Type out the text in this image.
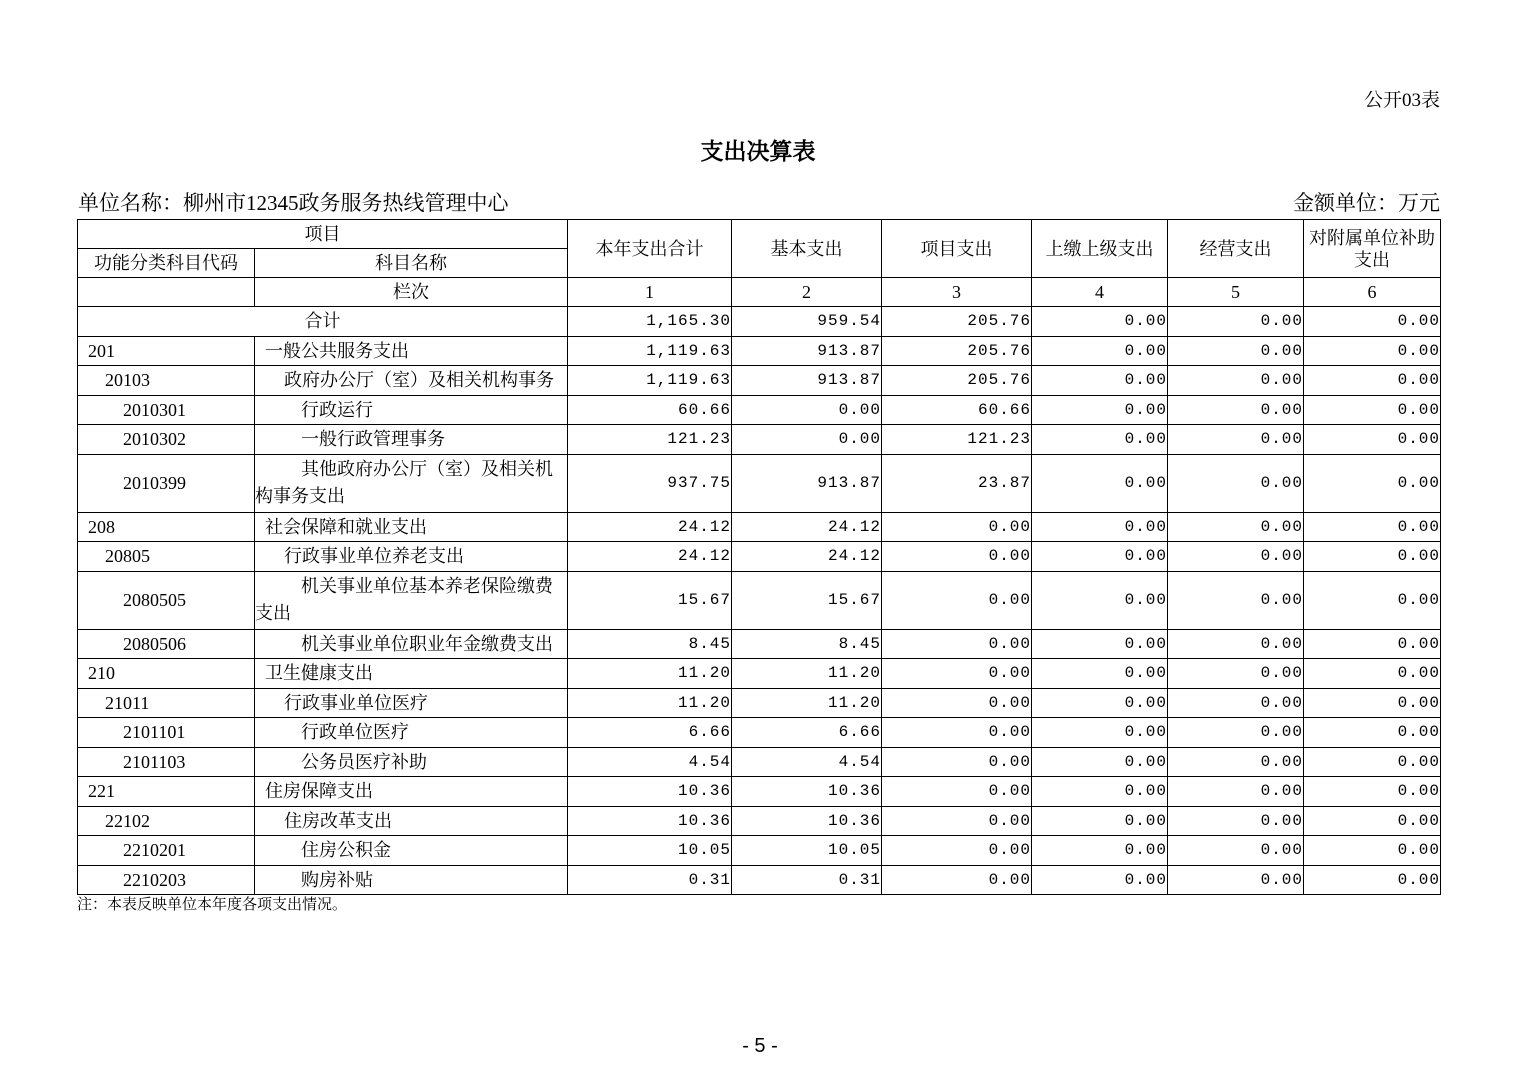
公开03表
支出决算表
单位名称：柳州市12345政务服务热线管理中心	金额单位：万元
项目		本年支出合计	基本支出	项目支出	上缴上级支出	经营支出	对附属单位补助支出
功能分类科目代码	科目名称						
	栏次	1	2	3	4	5	6
合计		1,165.30	959.54	205.76	0.00	0.00	0.00
201	一般公共服务支出	1,119.63	913.87	205.76	0.00	0.00	0.00
20103	政府办公厅（室）及相关机构事务	1,119.63	913.87	205.76	0.00	0.00	0.00
2010301	行政运行	60.66	0.00	60.66	0.00	0.00	0.00
2010302	一般行政管理事务	121.23	0.00	121.23	0.00	0.00	0.00
2010399	其他政府办公厅（室）及相关机构事务支出	937.75	913.87	23.87	0.00	0.00	0.00
208	社会保障和就业支出	24.12	24.12	0.00	0.00	0.00	0.00
20805	行政事业单位养老支出	24.12	24.12	0.00	0.00	0.00	0.00
2080505	机关事业单位基本养老保险缴费支出	15.67	15.67	0.00	0.00	0.00	0.00
2080506	机关事业单位职业年金缴费支出	8.45	8.45	0.00	0.00	0.00	0.00
210	卫生健康支出	11.20	11.20	0.00	0.00	0.00	0.00
21011	行政事业单位医疗	11.20	11.20	0.00	0.00	0.00	0.00
2101101	行政单位医疗	6.66	6.66	0.00	0.00	0.00	0.00
2101103	公务员医疗补助	4.54	4.54	0.00	0.00	0.00	0.00
221	住房保障支出	10.36	10.36	0.00	0.00	0.00	0.00
22102	住房改革支出	10.36	10.36	0.00	0.00	0.00	0.00
2210201	住房公积金	10.05	10.05	0.00	0.00	0.00	0.00
2210203	购房补贴	0.31	0.31	0.00	0.00	0.00	0.00
注：本表反映单位本年度各项支出情况。
- 5 -
